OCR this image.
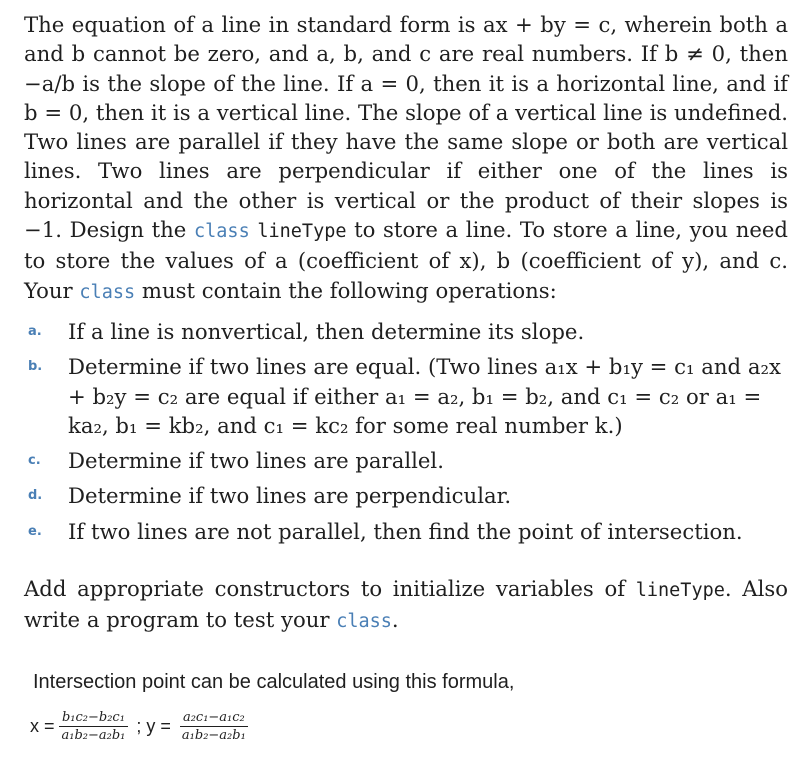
The equation of a line in standard form is ax + by = c, wherein both a and b cannot be zero, and a, b, and c are real numbers. If b ≠ 0, then −a/b is the slope of the line. If a = 0, then it is a horizontal line, and if b = 0, then it is a vertical line. The slope of a vertical line is undefined. Two lines are parallel if they have the same slope or both are vertical lines. Two lines are perpendicular if either one of the lines is horizontal and the other is vertical or the product of their slopes is −1. Design the class lineType to store a line. To store a line, you need to store the values of a (coefficient of x), b (coefficient of y), and c. Your class must contain the following operations:

a. If a line is nonvertical, then determine its slope.
b. Determine if two lines are equal. (Two lines a₁x + b₁y = c₁ and a₂x + b₂y = c₂ are equal if either a₁ = a₂, b₁ = b₂, and c₁ = c₂ or a₁ = ka₂, b₁ = kb₂, and c₁ = kc₂ for some real number k.)
c. Determine if two lines are parallel.
d. Determine if two lines are perpendicular.
e. If two lines are not parallel, then find the point of intersection.

Add appropriate constructors to initialize variables of lineType. Also write a program to test your class.

Intersection point can be calculated using this formula,
$x = \frac{\text{b₁c₂−b₂c₁}}{\text{a₁b₂−a₂b₁}}$ ; $y = \frac{\text{a₂c₁−a₁c₂}}{\text{a₁b₂−a₂b₁}}$
